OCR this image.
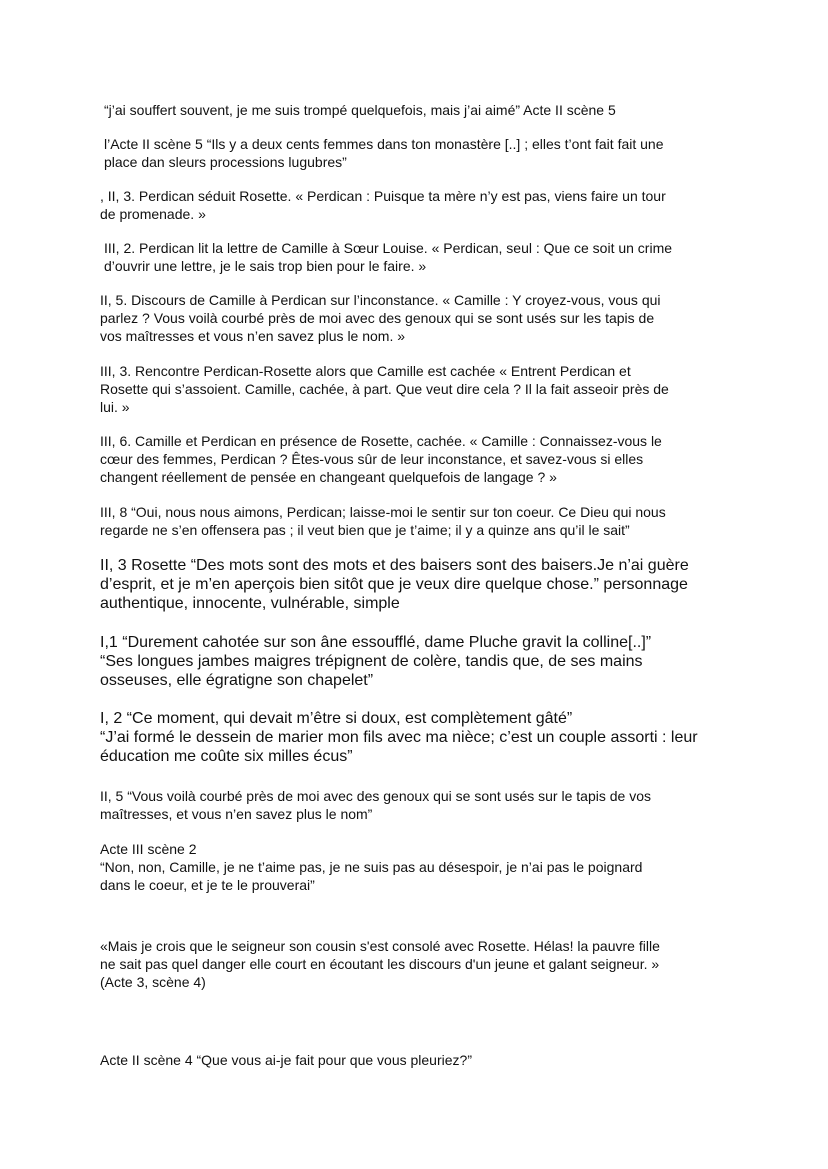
“j’ai souffert souvent, je me suis trompé quelquefois, mais j’ai aimé” Acte II scène 5

l’Acte II scène 5 “Ils y a deux cents femmes dans ton monastère [..] ; elles t’ont fait fait une
place dan sleurs processions lugubres”

, II, 3. Perdican séduit Rosette. « Perdican : Puisque ta mère n’y est pas, viens faire un tour
de promenade. »

III, 2. Perdican lit la lettre de Camille à Sœur Louise. « Perdican, seul : Que ce soit un crime
d’ouvrir une lettre, je le sais trop bien pour le faire. »

II, 5. Discours de Camille à Perdican sur l’inconstance. « Camille : Y croyez-vous, vous qui
parlez ? Vous voilà courbé près de moi avec des genoux qui se sont usés sur les tapis de
vos maîtresses et vous n’en savez plus le nom. »

III, 3. Rencontre Perdican-Rosette alors que Camille est cachée « Entrent Perdican et
Rosette qui s’assoient. Camille, cachée, à part. Que veut dire cela ? Il la fait asseoir près de
lui. »

III, 6. Camille et Perdican en présence de Rosette, cachée. « Camille : Connaissez-vous le
cœur des femmes, Perdican ? Êtes-vous sûr de leur inconstance, et savez-vous si elles
changent réellement de pensée en changeant quelquefois de langage ? »

III, 8 “Oui, nous nous aimons, Perdican; laisse-moi le sentir sur ton coeur. Ce Dieu qui nous
regarde ne s’en offensera pas ; il veut bien que je t’aime; il y a quinze ans qu’il le sait”

II, 3 Rosette “Des mots sont des mots et des baisers sont des baisers.Je n’ai guère
d’esprit, et je m’en aperçois bien sitôt que je veux dire quelque chose.” personnage
authentique, innocente, vulnérable, simple

I,1 “Durement cahotée sur son âne essoufflé, dame Pluche gravit la colline[..]”
“Ses longues jambes maigres trépignent de colère, tandis que, de ses mains
osseuses, elle égratigne son chapelet”

I, 2 “Ce moment, qui devait m’être si doux, est complètement gâté”
“J’ai formé le dessein de marier mon fils avec ma nièce; c’est un couple assorti : leur
éducation me coûte six milles écus”

II, 5 “Vous voilà courbé près de moi avec des genoux qui se sont usés sur le tapis de vos
maîtresses, et vous n’en savez plus le nom”

Acte III scène 2
“Non, non, Camille, je ne t’aime pas, je ne suis pas au désespoir, je n’ai pas le poignard
dans le coeur, et je te le prouverai”

«Mais je crois que le seigneur son cousin s'est consolé avec Rosette. Hélas! la pauvre fille
ne sait pas quel danger elle court en écoutant les discours d'un jeune et galant seigneur. »
(Acte 3, scène 4)

Acte II scène 4 “Que vous ai-je fait pour que vous pleuriez?”
